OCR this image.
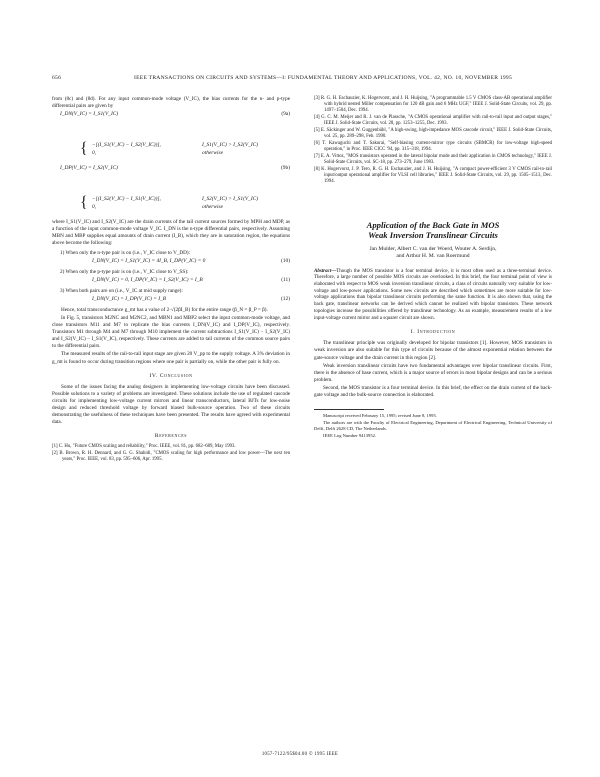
656	IEEE TRANSACTIONS ON CIRCUITS AND SYSTEMS—I: FUNDAMENTAL THEORY AND APPLICATIONS, VOL. 42, NO. 10, NOVEMBER 1995

from (8c) and (8d). For any input common-mode voltage (V_IC), the bias currents for the n- and p-type differential pairs are given by

I_DN(V_IC) = I_S1(V_IC)	(9a)
{ −[(I_S1(V_IC) − I_S2(V_IC))],	I_S1(V_IC) > I_S2(V_IC)
0,	otherwise
I_DP(V_IC) = I_S2(V_IC)	(9b)
{ −[(I_S2(V_IC) − I_S1(V_IC))],	I_S2(V_IC) > I_S1(V_IC)
0,	otherwise

where I_S1(V_IC) and I_S2(V_IC) are the drain currents of the tail current sources formed by MPH and MDP, as a function of the input common-mode voltage V_IC. I_DN is the n-type differential pairs, respectively. Assuming MBN and MBP supplies equal amounts of drain current (I_B), which they are in saturation region, the equations above become the following:

1) When only the n-type pair is on (i.e., V_IC close to V_DD):
I_DN(V_IC) = I_S1(V_IC) = 4I_B, I_DP(V_IC) = 0	(10)
2) When only the p-type pair is on (i.e., V_IC close to V_SS):
I_DN(V_IC) = 0, I_DP(V_IC) = I_S2(V_IC) = I_B	(11)
3) When both pairs are on (i.e., V_IC at mid supply range):
I_DN(V_IC) = I_DP(V_IC) = I_B	(12)

Hence, total transconductance g_mt has a value of 2·√(2βI_B) for the entire range (β_N = β_P = β).

In Fig. 5, transistors M2NC and M2NC2, and MBN1 and MBP2 select the input common-mode voltage, and close transistors M11 and M7 to replicate the bias currents I_DN(V_IC) and I_DP(V_IC), respectively. Transistors M1 through M4 and M7 through M10 implement the current subtractions I_S1(V_IC) − I_S2(V_IC) and I_S2(V_IC) − I_S1(V_IC), respectively. These currents are added to tail currents of the common source pairs to the differential pairs.

The measured results of the rail-to-rail input stage are given 20 V_pp to the supply voltage. A 3% deviation in g_mt is found to occur during transition regions where one pair is partially on, while the other pair is fully on.

IV. Conclusion

Some of the issues facing the analog designers in implementing low-voltage circuits have been discussed. Possible solutions to a variety of problems are investigated. These solutions include the use of regulated cascode circuits for implementing low-voltage current mirrors and linear transconductors, lateral BJTs for low-noise design and reduced threshold voltage by forward biased bulk-source operation. Two of these circuits demonstrating the usefulness of these techniques have been presented. The results have agreed with experimental data.

References
[1] C. Hu, "Future CMOS scaling and reliability," Proc. IEEE, vol. 81, pp. 682–689, May 1993.
[2] B. Brown, R. H. Dennard, and G. G. Shahidi, "CMOS scaling for high performance and low power—The next ten years," Proc. IEEE, vol. 83, pp. 595–606, Apr. 1995.
[3] R. G. H. Eschauzier, K. Hogervorst, and J. H. Huijsing, "A programmable 1.5 V CMOS class-AB operational amplifier with hybrid nested Miller compensation for 120 dB gain and 6 MHz UGF," IEEE J. Solid-State Circuits, vol. 29, pp. 1497–1504, Dec. 1994.
[4] G. C. M. Meijer and R. J. van de Plassche, "A CMOS operational amplifier with rail-to-rail input and output stages," IEEE J. Solid-State Circuits, vol. 28, pp. 1253–1255, Dec. 1993.
[5] E. Säckinger and W. Guggenbühl, "A high-swing, high-impedance MOS cascode circuit," IEEE J. Solid-State Circuits, vol. 25, pp. 289–298, Feb. 1990.
[6] T. Kawaguchi and T. Sakurai, "Self-biasing current-mirror type circuits (SBMCR) for low-voltage high-speed operation," in Proc. IEEE CICC '94, pp. 315–318, 1994.
[7] E. A. Vittoz, "MOS transistors operated in the lateral bipolar mode and their application in CMOS technology," IEEE J. Solid-State Circuits, vol. SC-18, pp. 273–279, June 1983.
[8] K. Hogervorst, J. P. Tero, R. G. H. Eschauzier, and J. H. Huijsing, "A compact power-efficient 3 V CMOS rail-to-rail input/output operational amplifier for VLSI cell libraries," IEEE J. Solid-State Circuits, vol. 29, pp. 1505–1513, Dec. 1994.
Application of the Back Gate in MOS
Weak Inversion Translinear Circuits
Jan Mulder, Albert C. van der Woerd, Wouter A. Serdijn,
and Arthur H. M. van Roermund

Abstract—Though the MOS transistor is a four terminal device, it is most often used as a three-terminal device. Therefore, a large number of possible MOS circuits are overlooked. In this brief, the four terminal point of view is elaborated with respect to MOS weak inversion translinear circuits, a class of circuits naturally very suitable for low-voltage and low-power applications. Some new circuits are described which sometimes are more suitable for low-voltage applications than bipolar translinear circuits performing the same function. It is also shown that, using the back gate, translinear networks can be derived which cannot be realized with bipolar transistors. These network topologies increase the possibilities offered by translinear technology. As an example, measurement results of a low input-voltage current mirror and a squarer circuit are shown.

I. Introduction

The translinear principle was originally developed for bipolar transistors [1]. However, MOS transistors in weak inversion are also suitable for this type of circuits because of the almost exponential relation between the gate-source voltage and the drain current in this region [2].

Weak inversion translinear circuits have two fundamental advantages over bipolar translinear circuits. First, there is the absence of base current, which is a major source of errors in most bipolar designs and can be a serious problem.

Second, the MOS transistor is a four terminal device. In this brief, the effect on the drain current of the back-gate voltage and the bulk-source connection is elaborated.

Manuscript received February 15, 1995; revised June 8, 1995.

The authors are with the Faculty of Electrical Engineering, Department of Electrical Engineering, Technical University of Delft, Delft 2628 CD, The Netherlands.

IEEE Log Number 9413952.

1057-7122/95$04.00 © 1995 IEEE
